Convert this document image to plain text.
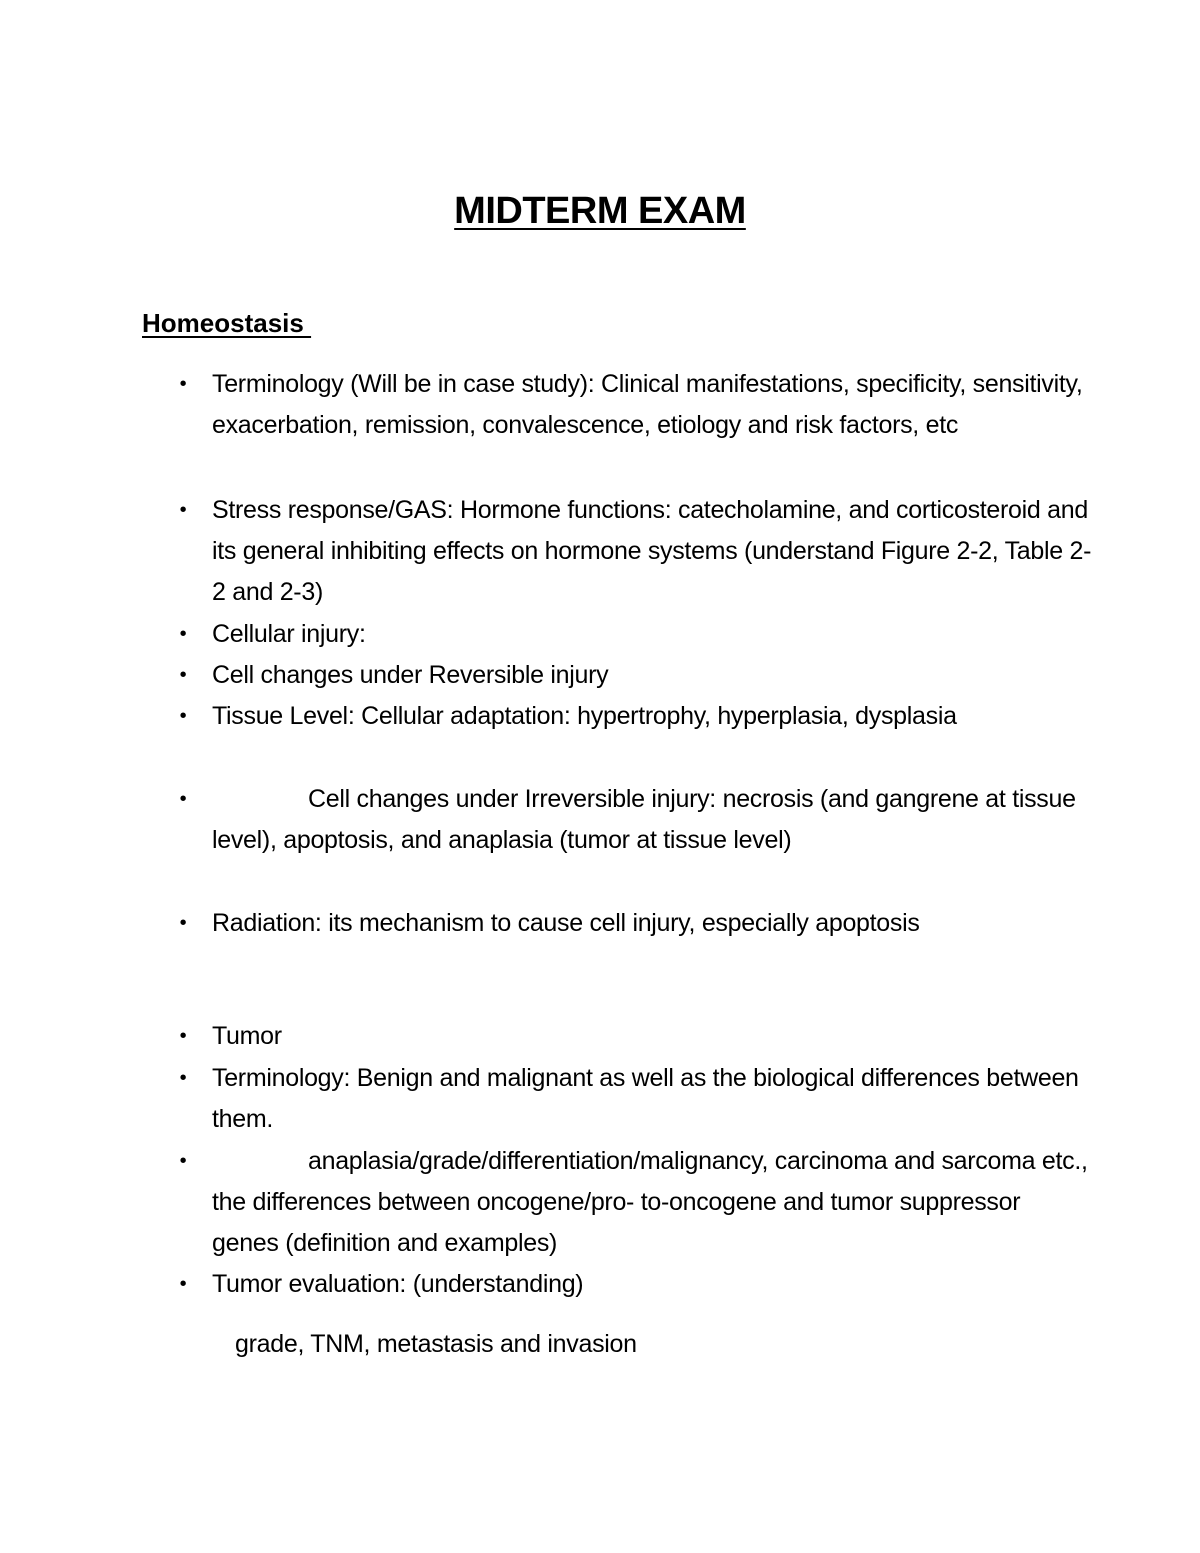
MIDTERM EXAM
Homeostasis
• Terminology (Will be in case study): Clinical manifestations, specificity, sensitivity, exacerbation, remission, convalescence, etiology and risk factors, etc
• Stress response/GAS: Hormone functions: catecholamine, and corticosteroid and its general inhibiting effects on hormone systems (understand Figure 2-2, Table 2-2 and 2-3)
• Cellular injury:
• Cell changes under Reversible injury
• Tissue Level: Cellular adaptation: hypertrophy, hyperplasia, dysplasia
•	Cell changes under Irreversible injury: necrosis (and gangrene at tissue level), apoptosis, and anaplasia (tumor at tissue level)
• Radiation: its mechanism to cause cell injury, especially apoptosis
• Tumor
• Terminology: Benign and malignant as well as the biological differences between them.
•	anaplasia/grade/differentiation/malignancy, carcinoma and sarcoma etc., the differences between oncogene/pro- to-oncogene and tumor suppressor genes (definition and examples)
• Tumor evaluation: (understanding)
grade, TNM, metastasis and invasion
